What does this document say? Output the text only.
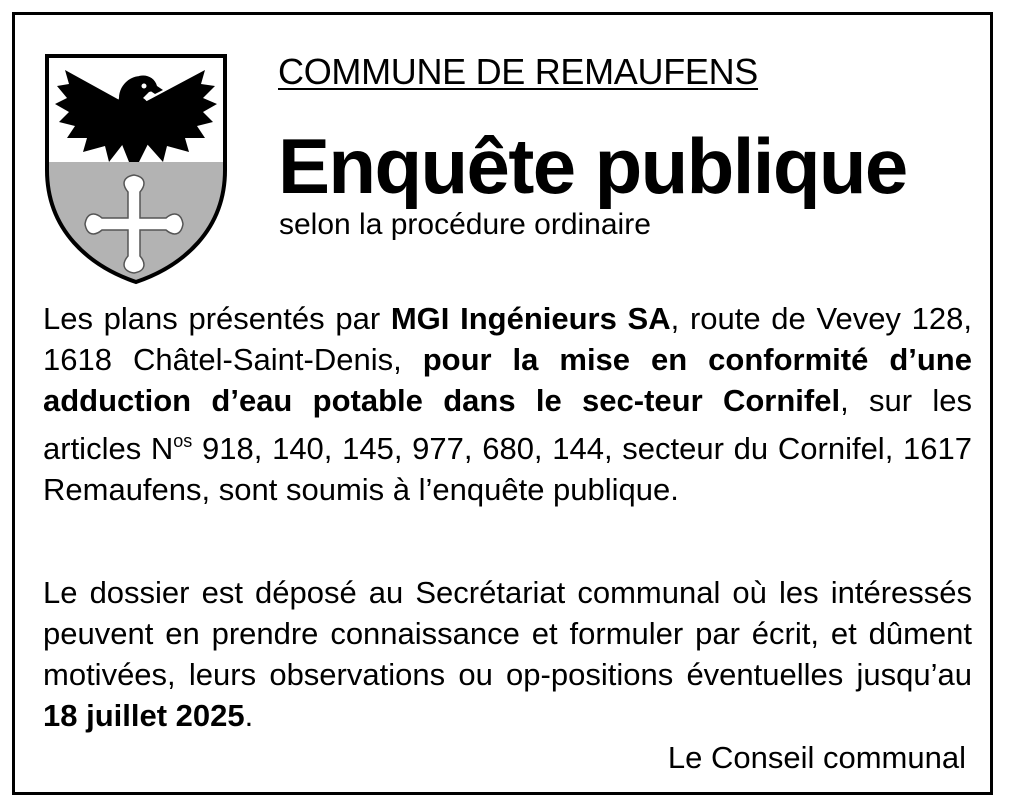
COMMUNE DE REMAUFENS
Enquête publique
selon la procédure ordinaire
Les plans présentés par MGI Ingénieurs SA, route de Vevey 128, 1618 Châtel-Saint-Denis, pour la mise en conformité d’une adduction d’eau potable dans le sec-teur Cornifel, sur les articles $N^{os}$ 918, 140, 145, 977, 680, 144, secteur du Cornifel, 1617 Remaufens, sont soumis à l’enquête publique.
Le dossier est déposé au Secrétariat communal où les intéressés peuvent en prendre connaissance et formuler par écrit, et dûment motivées, leurs observations ou op-positions éventuelles jusqu’au 18 juillet 2025.
Le Conseil communal
